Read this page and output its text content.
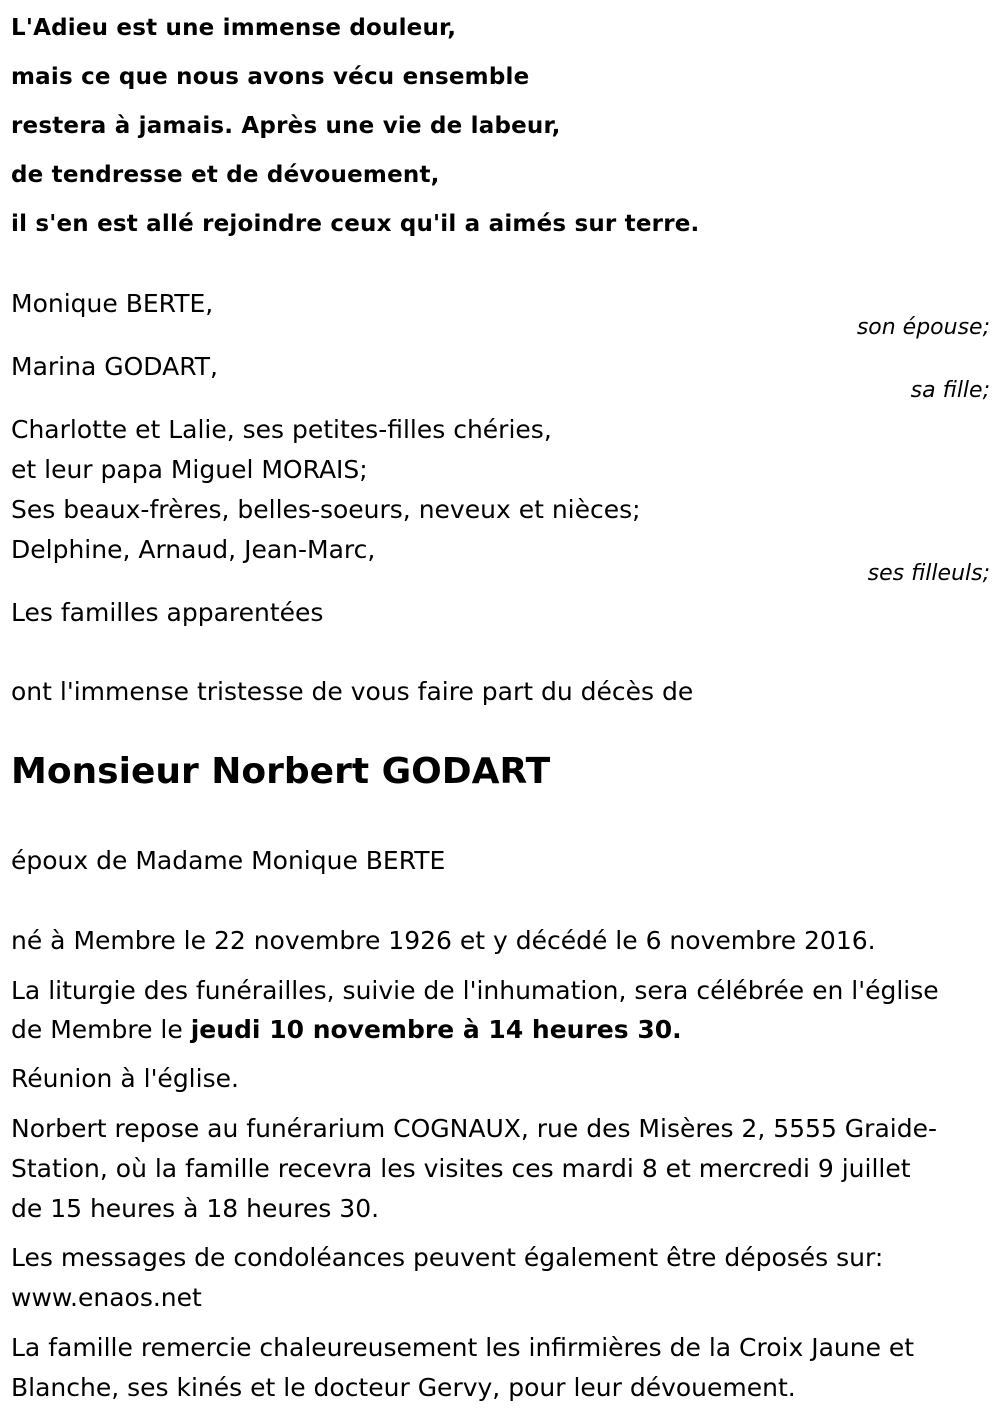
L'Adieu est une immense douleur,
mais ce que nous avons vécu ensemble
restera à jamais. Après une vie de labeur,
de tendresse et de dévouement,
il s'en est allé rejoindre ceux qu'il a aimés sur terre.
Monique BERTE,
son épouse;
Marina GODART,
sa fille;
Charlotte et Lalie, ses petites-filles chéries,
et leur papa Miguel MORAIS;
Ses beaux-frères, belles-soeurs, neveux et nièces;
Delphine, Arnaud, Jean-Marc,
ses filleuls;
Les familles apparentées
ont l'immense tristesse de vous faire part du décès de
Monsieur Norbert GODART
époux de Madame Monique BERTE
né à Membre le 22 novembre 1926 et y décédé le 6 novembre 2016.
La liturgie des funérailles, suivie de l'inhumation, sera célébrée en l'église
de Membre le jeudi 10 novembre à 14 heures 30.
Réunion à l'église.
Norbert repose au funérarium COGNAUX, rue des Misères 2, 5555 Graide-
Station, où la famille recevra les visites ces mardi 8 et mercredi 9 juillet
de 15 heures à 18 heures 30.
Les messages de condoléances peuvent également être déposés sur:
www.enaos.net
La famille remercie chaleureusement les infirmières de la Croix Jaune et
Blanche, ses kinés et le docteur Gervy, pour leur dévouement.
